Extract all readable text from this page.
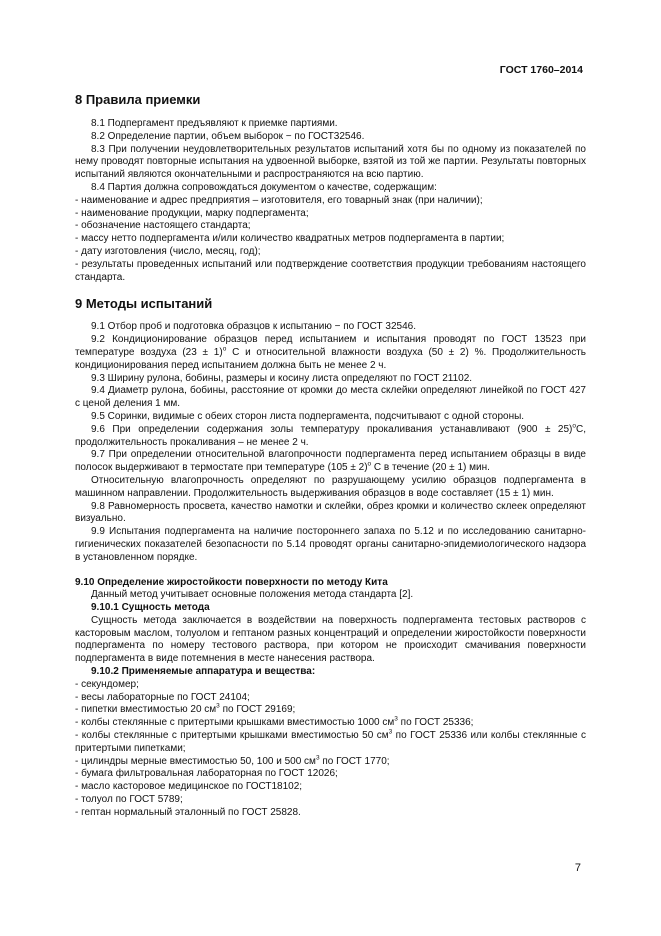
ГОСТ 1760–2014
8 Правила приемки

8.1 Подпергамент предъявляют к приемке партиями.

8.2 Определение партии, объем выборок − по ГОСТ32546.

8.3 При получении неудовлетворительных результатов испытаний хотя бы по одному из показателей по нему проводят повторные испытания на удвоенной выборке, взятой из той же партии. Результаты повторных испытаний являются окончательными и распространяются на всю партию.

8.4 Партия должна сопровождаться документом о качестве, содержащим:

- наименование и адрес предприятия – изготовителя, его товарный знак (при наличии);

- наименование продукции, марку подпергамента;

- обозначение настоящего стандарта;

- массу нетто подпергамента и/или количество квадратных метров подпергамента в партии;

- дату изготовления (число, месяц, год);

- результаты проведенных испытаний или подтверждение соответствия продукции требованиям настоящего стандарта.

9 Методы испытаний

9.1 Отбор проб и подготовка образцов к испытанию − по ГОСТ 32546.

9.2 Кондиционирование образцов перед испытанием и испытания проводят по ГОСТ 13523 при температуре воздуха $(23 \pm 1)^о$ С и относительной влажности воздуха (50 ± 2) %. Продолжительность кондиционирования перед испытанием должна быть не менее 2 ч.

9.3 Ширину рулона, бобины, размеры и косину листа определяют по ГОСТ 21102.

9.4 Диаметр рулона, бобины, расстояние от кромки до места склейки определяют линейкой по ГОСТ 427 с ценой деления 1 мм.

9.5 Соринки, видимые с обеих сторон листа подпергамента, подсчитывают с одной стороны.

9.6 При определении содержания золы температуру прокаливания устанавливают $(900 \pm 25)^оС$, продолжительность прокаливания – не менее 2 ч.

9.7 При определении относительной влагопрочности подпергамента перед испытанием образцы в виде полосок выдерживают в термостате при температуре $(105 \pm 2)^о$ С в течение (20 ± 1) мин.

Относительную влагопрочность определяют по разрушающему усилию образцов подпергамента в машинном направлении. Продолжительность выдерживания образцов в воде составляет (15 ± 1) мин.

9.8 Равномерность просвета, качество намотки и склейки, обрез кромки и количество склеек определяют визуально.

9.9 Испытания подпергамента на наличие постороннего запаха по 5.12 и по исследованию санитарно-гигиенических показателей безопасности по 5.14 проводят органы санитарно-эпидемиологического надзора в установленном порядке.

9.10 Определение жиростойкости поверхности по методу Кита

Данный метод учитывает основные положения метода стандарта [2].

9.10.1 Сущность метода

Сущность метода заключается в воздействии на поверхность подпергамента тестовых растворов с касторовым маслом, толуолом и гептаном разных концентраций и определении жиростойкости поверхности подпергамента по номеру тестового раствора, при котором не происходит смачивания поверхности подпергамента в виде потемнения в месте нанесения раствора.

9.10.2 Применяемые аппаратура и вещества:

- секундомер;

- весы лабораторные по ГОСТ 24104;

- пипетки вместимостью 20 $см^3$ по ГОСТ 29169;

- колбы стеклянные с притертыми крышками вместимостью 1000 $см^3$ по ГОСТ 25336;

- колбы стеклянные с притертыми крышками вместимостью 50 $см^3$ по ГОСТ 25336 или колбы стеклянные с притертыми пипетками;

- цилиндры мерные вместимостью 50, 100 и 500 $см^3$ по ГОСТ 1770;

- бумага фильтровальная лабораторная по ГОСТ 12026;

- масло касторовое медицинское по ГОСТ18102;

- толуол по ГОСТ 5789;

- гептан нормальный эталонный по ГОСТ 25828.

7
